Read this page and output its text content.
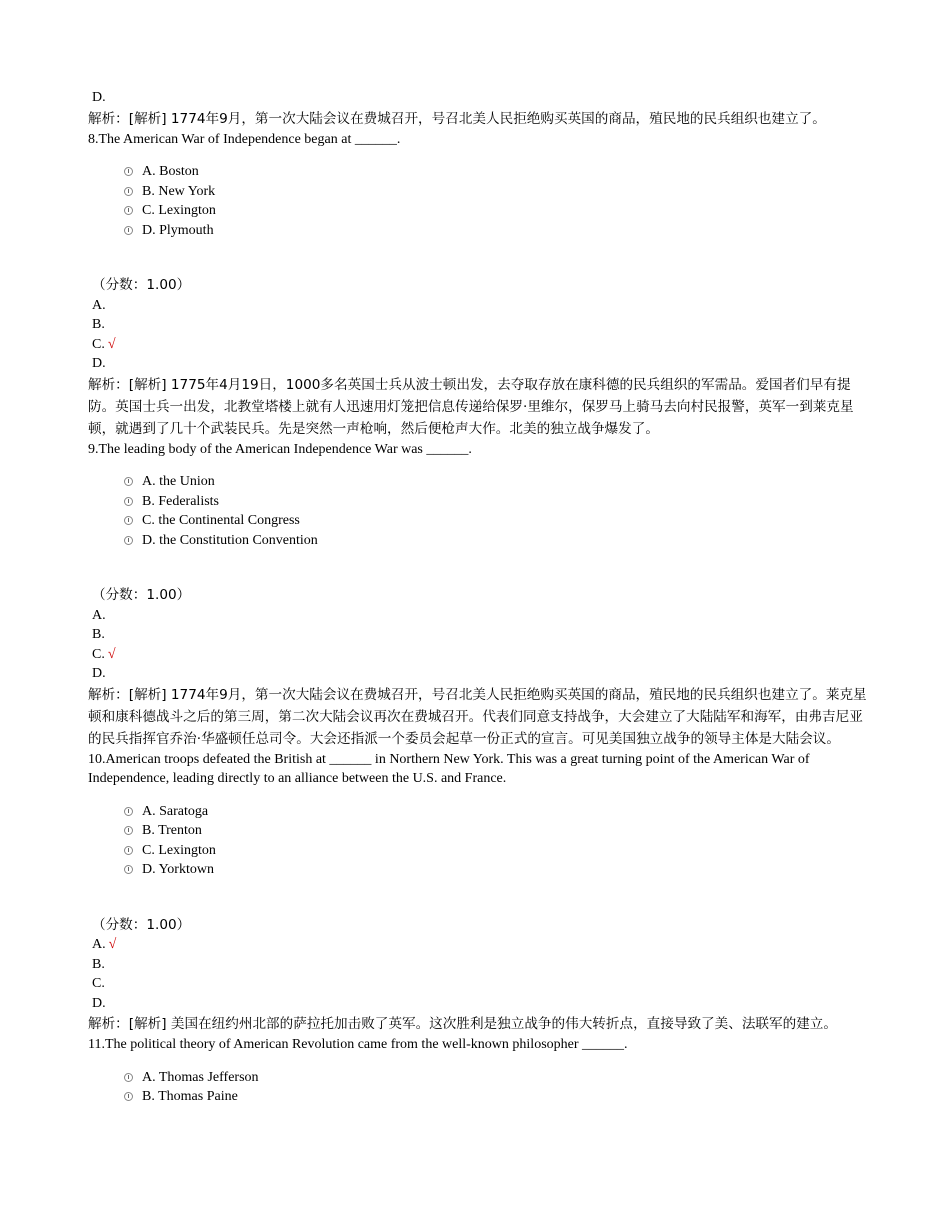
D.

解析：[解析] 1774年9月，第一次大陆会议在费城召开，号召北美人民拒绝购买英国的商品，殖民地的民兵组织也建立了。

8.The American War of Independence began at ______.

A. Boston
B. New York
C. Lexington
D. Plymouth

（分数：1.00）

A.

B.

C. √

D.

解析：[解析] 1775年4月19日，1000多名英国士兵从波士顿出发，去夺取存放在康科德的民兵组织的军需品。爱国者们早有提防。英国士兵一出发，北教堂塔楼上就有人迅速用灯笼把信息传递给保罗·里维尔，保罗马上骑马去向村民报警，英军一到莱克星顿，就遇到了几十个武装民兵。先是突然一声枪响，然后便枪声大作。北美的独立战争爆发了。

9.The leading body of the American Independence War was ______.

A. the Union
B. Federalists
C. the Continental Congress
D. the Constitution Convention

（分数：1.00）

A.

B.

C. √

D.

解析：[解析] 1774年9月，第一次大陆会议在费城召开，号召北美人民拒绝购买英国的商品，殖民地的民兵组织也建立了。莱克星顿和康科德战斗之后的第三周，第二次大陆会议再次在费城召开。代表们同意支持战争，大会建立了大陆陆军和海军，由弗吉尼亚的民兵指挥官乔治·华盛顿任总司令。大会还指派一个委员会起草一份正式的宣言。可见美国独立战争的领导主体是大陆会议。

10.American troops defeated the British at ______ in Northern New York. This was a great turning point of the American War of Independence, leading directly to an alliance between the U.S. and France.

A. Saratoga
B. Trenton
C. Lexington
D. Yorktown

（分数：1.00）

A. √

B.

C.

D.

解析：[解析] 美国在纽约州北部的萨拉托加击败了英军。这次胜利是独立战争的伟大转折点，直接导致了美、法联军的建立。

11.The political theory of American Revolution came from the well-known philosopher ______.

A. Thomas Jefferson
B. Thomas Paine
